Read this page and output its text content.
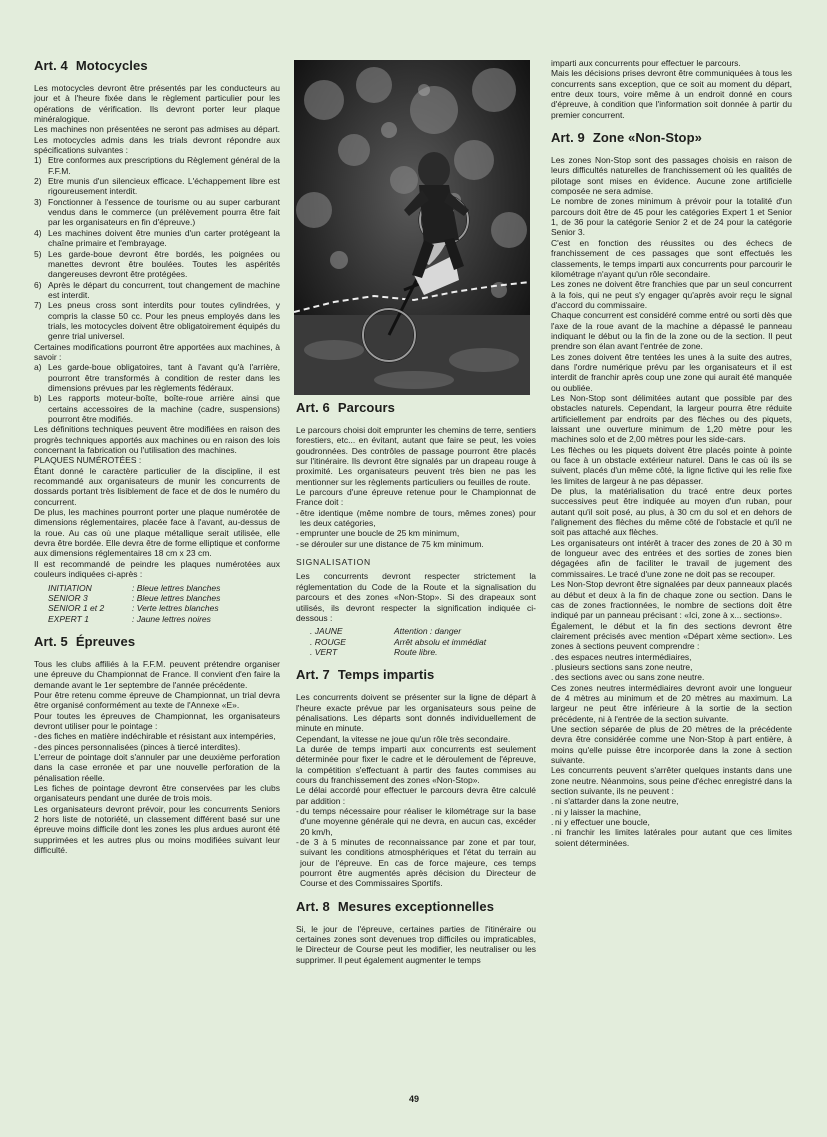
Art. 4 Motocycles

Les motocycles devront être présentés par les conducteurs au jour et à l'heure fixée dans le règlement particulier pour les opérations de vérification. Ils devront porter leur plaque minéralogique.

Les machines non présentées ne seront pas admises au départ. Les motocycles admis dans les trials devront répondre aux spécifications suivantes :

1) Etre conformes aux prescriptions du Règlement général de la F.F.M.
2) Etre munis d'un silencieux efficace. L'échappement libre est rigoureusement interdit.
3) Fonctionner à l'essence de tourisme ou au super carburant vendus dans le commerce (un prélèvement pourra être fait par les organisateurs en fin d'épreuve.)
4) Les machines doivent être munies d'un carter protégeant la chaîne primaire et l'embrayage.
5) Les garde-boue devront être bordés, les poignées ou manettes devront être boulées. Toutes les aspérités dangereuses devront être protégées.
6) Après le départ du concurrent, tout changement de machine est interdit.
7) Les pneus cross sont interdits pour toutes cylindrées, y compris la classe 50 cc. Pour les pneus employés dans les trials, les motocycles doivent être obligatoirement équipés du genre trial universel.

Certaines modifications pourront être apportées aux machines, à savoir :

a) Les garde-boue obligatoires, tant à l'avant qu'à l'arrière, pourront être transformés à condition de rester dans les dimensions prévues par les règlements fédéraux.
b) Les rapports moteur-boîte, boîte-roue arrière ainsi que certains accessoires de la machine (cadre, suspensions) pourront être modifiés.

Les définitions techniques peuvent être modifiées en raison des progrès techniques apportés aux machines ou en raison des lois concernant la fabrication ou l'utilisation des machines.

PLAQUES NUMÉROTÉES :

Étant donné le caractère particulier de la discipline, il est recommandé aux organisateurs de munir les concurrents de dossards portant très lisiblement de face et de dos le numéro du concurrent.

De plus, les machines pourront porter une plaque numérotée de dimensions réglementaires, placée face à l'avant, au-dessus de la roue. Au cas où une plaque métallique serait utilisée, elle devra être bordée. Elle devra être de forme elliptique et conforme aux dimensions réglementaires 18 cm x 23 cm.

Il est recommandé de peindre les plaques numérotées aux couleurs indiquées ci-après :

INITIATION	: Bleue lettres blanches
SENIOR 3	: Bleue lettres blanches
SENIOR 1 et 2	: Verte lettres blanches
EXPERT 1	: Jaune lettres noires
Art. 5 Épreuves

Tous les clubs affiliés à la F.F.M. peuvent prétendre organiser une épreuve du Championnat de France. Il convient d'en faire la demande avant le 1er septembre de l'année précédente.

Pour être retenu comme épreuve de Championnat, un trial devra être organisé conformément au texte de l'Annexe «E».

Pour toutes les épreuves de Championnat, les organisateurs devront utiliser pour le pointage :

- des fiches en matière indéchirable et résistant aux intempéries,
- des pinces personnalisées (pinces à tiercé interdites).

L'erreur de pointage doit s'annuler par une deuxième perforation dans la case erronée et par une nouvelle perforation de la pénalisation réelle.

Les fiches de pointage devront être conservées par les clubs organisateurs pendant une durée de trois mois.

Les organisateurs devront prévoir, pour les concurrents Seniors 2 hors liste de notoriété, un classement différent basé sur une épreuve moins difficile dont les zones les plus ardues auront été supprimées et les autres plus ou moins modifiées suivant leur difficulté.

Art. 6 Parcours

Le parcours choisi doit emprunter les chemins de terre, sentiers forestiers, etc... en évitant, autant que faire se peut, les voies goudronnées. Des contrôles de passage pourront être placés sur l'itinéraire. Ils devront être signalés par un drapeau rouge à proximité. Les organisateurs peuvent très bien ne pas les mentionner sur les règlements particuliers ou feuilles de route.

Le parcours d'une épreuve retenue pour le Championnat de France doit :

- être identique (même nombre de tours, mêmes zones) pour les deux catégories,
- emprunter une boucle de 25 km minimum,
- se dérouler sur une distance de 75 km minimum.
SIGNALISATION

Les concurrents devront respecter strictement la réglementation du Code de la Route et la signalisation du parcours et des zones «Non-Stop». Si des drapeaux sont utilisés, ils devront respecter la signification indiquée ci-dessous :

. JAUNE	Attention : danger
. ROUGE	Arrêt absolu et immédiat
. VERT	Route libre.
Art. 7 Temps impartis

Les concurrents doivent se présenter sur la ligne de départ à l'heure exacte prévue par les organisateurs sous peine de pénalisations. Les départs sont donnés individuellement de minute en minute.

Cependant, la vitesse ne joue qu'un rôle très secondaire.

La durée de temps imparti aux concurrents est seulement déterminée pour fixer le cadre et le déroulement de l'épreuve, la compétition s'effectuant à partir des fautes commises au cours du franchissement des zones «Non-Stop».

Le délai accordé pour effectuer le parcours devra être calculé par addition :

- du temps nécessaire pour réaliser le kilométrage sur la base d'une moyenne générale qui ne devra, en aucun cas, excéder 20 km/h,
- de 3 à 5 minutes de reconnaissance par zone et par tour, suivant les conditions atmosphériques et l'état du terrain au jour de l'épreuve. En cas de force majeure, ces temps pourront être augmentés après décision du Directeur de Course et des Commissaires Sportifs.
Art. 8 Mesures exceptionnelles

Si, le jour de l'épreuve, certaines parties de l'itinéraire ou certaines zones sont devenues trop difficiles ou impraticables, le Directeur de Course peut les modifier, les neutraliser ou les supprimer. Il peut également augmenter le temps

imparti aux concurrents pour effectuer le parcours.

Mais les décisions prises devront être communiquées à tous les concurrents sans exception, que ce soit au moment du départ, entre deux tours, voire même à un endroit donné en cours d'épreuve, à condition que l'information soit donnée à partir du premier concurrent.

Art. 9 Zone «Non-Stop»

Les zones Non-Stop sont des passages choisis en raison de leurs difficultés naturelles de franchissement où les qualités de pilotage sont mises en évidence. Aucune zone artificielle composée ne sera admise.

Le nombre de zones minimum à prévoir pour la totalité d'un parcours doit être de 45 pour les catégories Expert 1 et Senior 1, de 36 pour la catégorie Senior 2 et de 24 pour la catégorie Senior 3.

C'est en fonction des réussites ou des échecs de franchissement de ces passages que sont effectués les classements, le temps imparti aux concurrents pour parcourir le kilométrage n'ayant qu'un rôle secondaire.

Les zones ne doivent être franchies que par un seul concurrent à la fois, qui ne peut s'y engager qu'après avoir reçu le signal d'accord du commissaire.

Chaque concurrent est considéré comme entré ou sorti dès que l'axe de la roue avant de la machine a dépassé le panneau indiquant le début ou la fin de la zone ou de la section. Il peut prendre son élan avant l'entrée de zone.

Les zones doivent être tentées les unes à la suite des autres, dans l'ordre numérique prévu par les organisateurs et il est interdit de franchir après coup une zone qui aurait été manquée ou oubliée.

Les Non-Stop sont délimitées autant que possible par des obstacles naturels. Cependant, la largeur pourra être réduite artificiellement par endroits par des flèches ou des piquets, laissant une ouverture minimum de 1,20 mètre pour les machines solo et de 2,00 mètres pour les side-cars.

Les flèches ou les piquets doivent être placés pointe à pointe ou face à un obstacle extérieur naturel. Dans le cas où ils se suivent, placés d'un même côté, la ligne fictive qui les relie fixe les limites de largeur à ne pas dépasser.

De plus, la matérialisation du tracé entre deux portes successives peut être indiquée au moyen d'un ruban, pour autant qu'il soit posé, au plus, à 30 cm du sol et en dehors de l'alignement des flèches du même côté de l'obstacle et qu'il ne soit pas attaché aux flèches.

Les organisateurs ont intérêt à tracer des zones de 20 à 30 m de longueur avec des entrées et des sorties de zones bien dégagées afin de faciliter le travail de jugement des commissaires. Le tracé d'une zone ne doit pas se recouper.

Les Non-Stop devront être signalées par deux panneaux placés au début et deux à la fin de chaque zone ou section. Dans le cas de zones fractionnées, le nombre de sections doit être indiqué par un panneau précisant : «Ici, zone à x... sections».

Également, le début et la fin des sections devront être clairement précisés avec mention «Départ xème section». Les zones à sections peuvent comprendre :

. des espaces neutres intermédiaires,
. plusieurs sections sans zone neutre,
. des sections avec ou sans zone neutre.

Ces zones neutres intermédiaires devront avoir une longueur de 4 mètres au minimum et de 20 mètres au maximum. La largeur ne peut être inférieure à la sortie de la section précédente, ni à l'entrée de la section suivante.

Une section séparée de plus de 20 mètres de la précédente devra être considérée comme une Non-Stop à part entière, à moins qu'elle puisse être incorporée dans la zone à section suivante.

Les concurrents peuvent s'arrêter quelques instants dans une zone neutre. Néanmoins, sous peine d'échec enregistré dans la section suivante, ils ne peuvent :

. ni s'attarder dans la zone neutre,
. ni y laisser la machine,
. ni y effectuer une boucle,
. ni franchir les limites latérales pour autant que ces limites soient déterminées.
49
